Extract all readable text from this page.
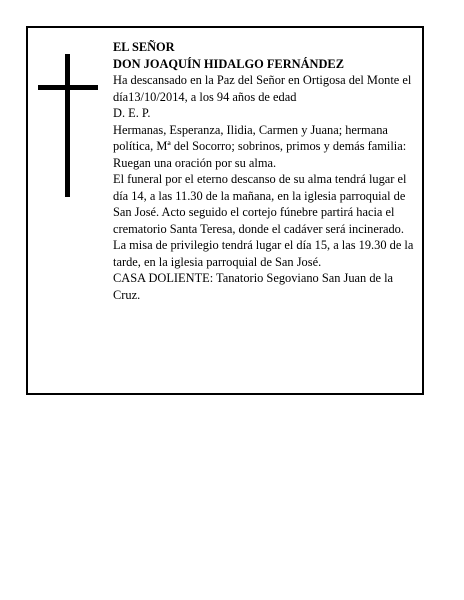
EL SEÑOR

DON JOAQUÍN HIDALGO FERNÁNDEZ

Ha descansado en la Paz del Señor en Ortigosa del Monte el día13/10/2014, a los 94 años de edad

D. E. P.

Hermanas, Esperanza, Ilidia, Carmen y Juana; hermana política, Mª del Socorro; sobrinos, primos y demás familia:

Ruegan una oración por su alma.

El funeral por el eterno descanso de su alma tendrá lugar el día 14, a las 11.30 de la mañana, en la iglesia parroquial de San José. Acto seguido el cortejo fúnebre partirá hacia el crematorio Santa Teresa, donde el cadáver será incinerado. La misa de privilegio tendrá lugar el día 15, a las 19.30 de la tarde, en la iglesia parroquial de San José.

CASA DOLIENTE: Tanatorio Segoviano San Juan de la Cruz.
